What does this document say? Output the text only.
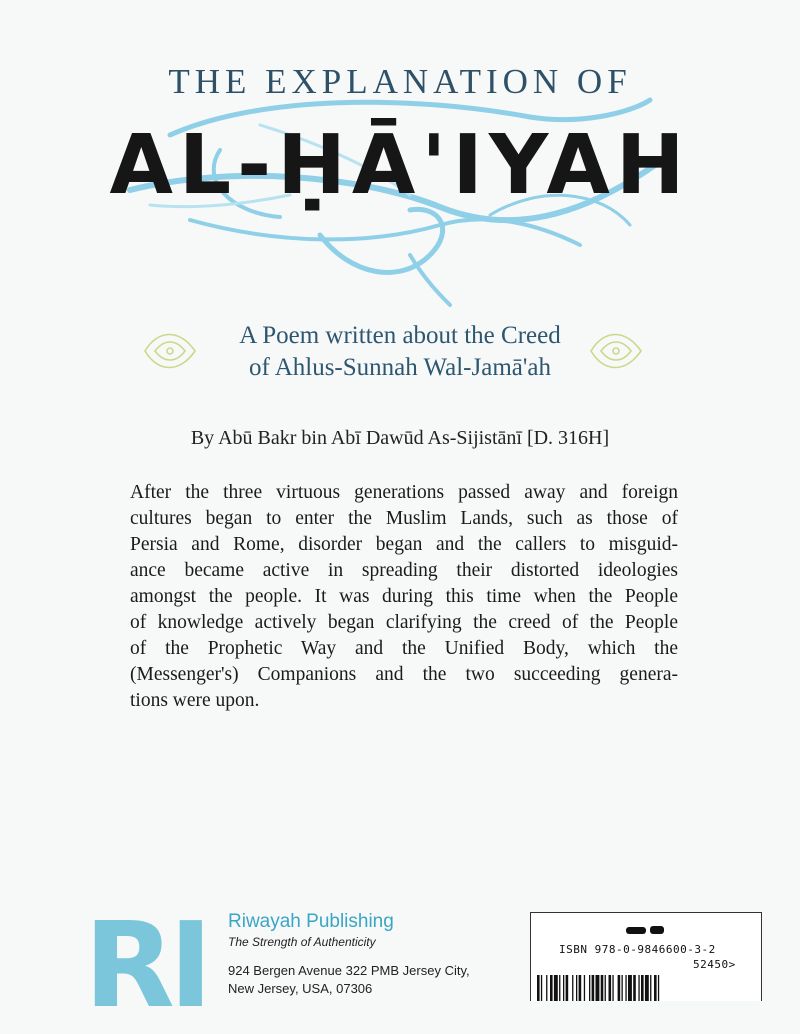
THE EXPLANATION OF
AL-ḤĀ'IYAH
A Poem written about the Creed
of Ahlus-Sunnah Wal-Jamā'ah
By Abū Bakr bin Abī Dawūd As-Sijistānī [D. 316H]
After the three virtuous generations passed away and foreign
cultures began to enter the Muslim Lands, such as those of
Persia and Rome, disorder began and the callers to misguid-
ance became active in spreading their distorted ideologies
amongst the people. It was during this time when the People
of knowledge actively began clarifying the creed of the People
of the Prophetic Way and the Unified Body, which the
(Messenger's) Companions and the two succeeding genera-
tions were upon.
RI Riwayah Publishing
The Strength of Authenticity
924 Bergen Avenue 322 PMB Jersey City,
New Jersey, USA, 07306
ISBN 978-0-9846600-3-2
52450>
